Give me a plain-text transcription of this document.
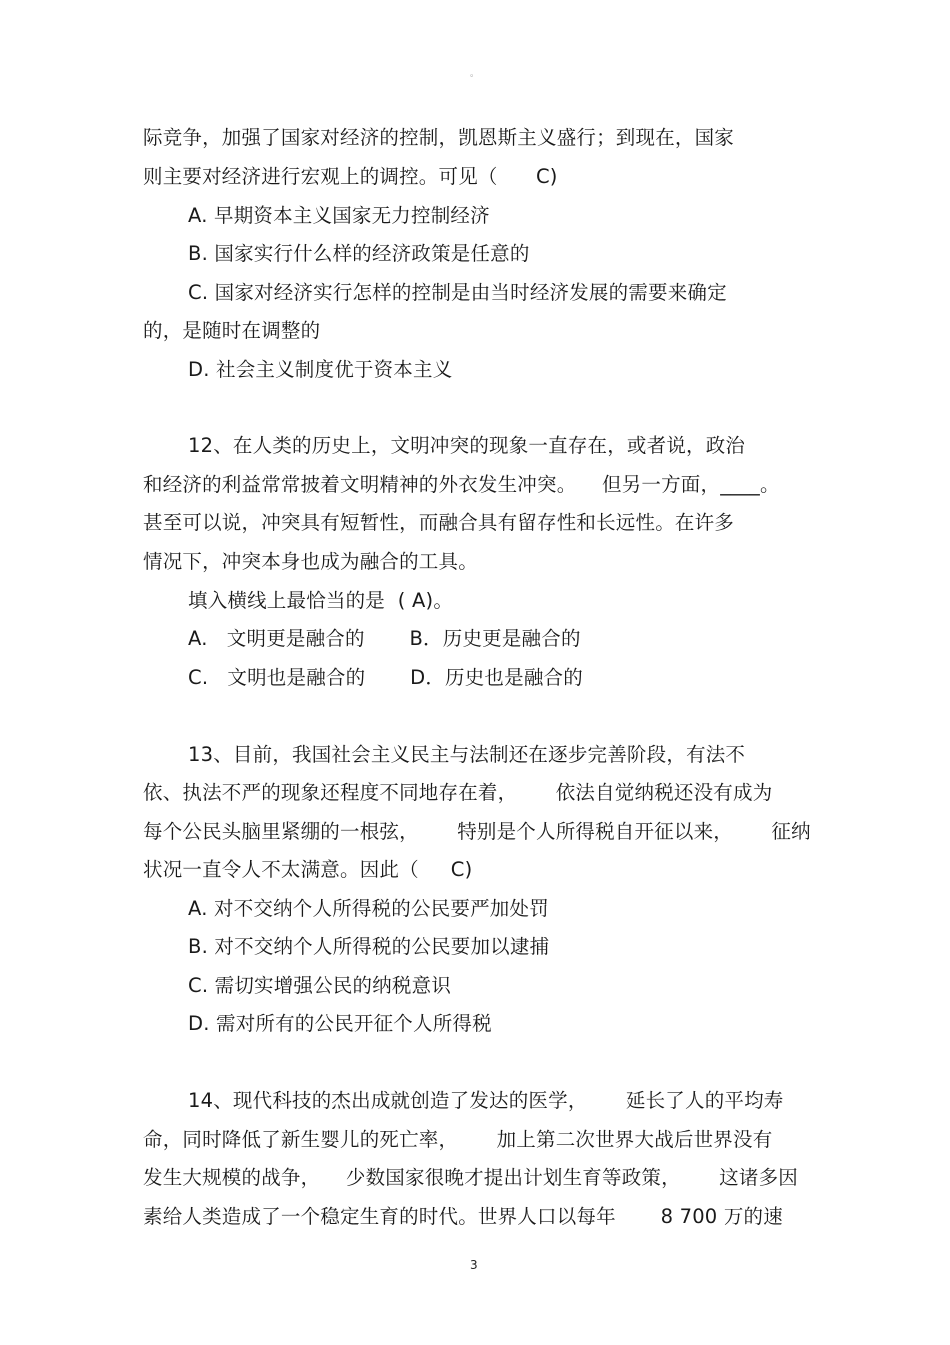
。
际竞争，加强了国家对经济的控制，凯恩斯主义盛行；到现在，国家
则主要对经济进行宏观上的调控。可见（      C)
A. 早期资本主义国家无力控制经济
B. 国家实行什么样的经济政策是任意的
C. 国家对经济实行怎样的控制是由当时经济发展的需要来确定
的，是随时在调整的
D. 社会主义制度优于资本主义
12、在人类的历史上，文明冲突的现象一直存在，或者说，政治
和经济的利益常常披着文明精神的外衣发生冲突。    但另一方面，____。
甚至可以说，冲突具有短暂性，而融合具有留存性和长远性。在许多
情况下，冲突本身也成为融合的工具。
填入横线上最恰当的是  ( A)。
A.   文明更是融合的       B．历史更是融合的
C.   文明也是融合的       D．历史也是融合的
13、目前，我国社会主义民主与法制还在逐步完善阶段，有法不
依、执法不严的现象还程度不同地存在着，      依法自觉纳税还没有成为
每个公民头脑里紧绷的一根弦，      特别是个人所得税自开征以来，      征纳
状况一直令人不太满意。因此（     C)
A. 对不交纳个人所得税的公民要严加处罚
B. 对不交纳个人所得税的公民要加以逮捕
C. 需切实增强公民的纳税意识
D. 需对所有的公民开征个人所得税
14、现代科技的杰出成就创造了发达的医学，      延长了人的平均寿
命，同时降低了新生婴儿的死亡率，      加上第二次世界大战后世界没有
发生大规模的战争，    少数国家很晚才提出计划生育等政策，      这诸多因
素给人类造成了一个稳定生育的时代。世界人口以每年       8 700 万的速
3
